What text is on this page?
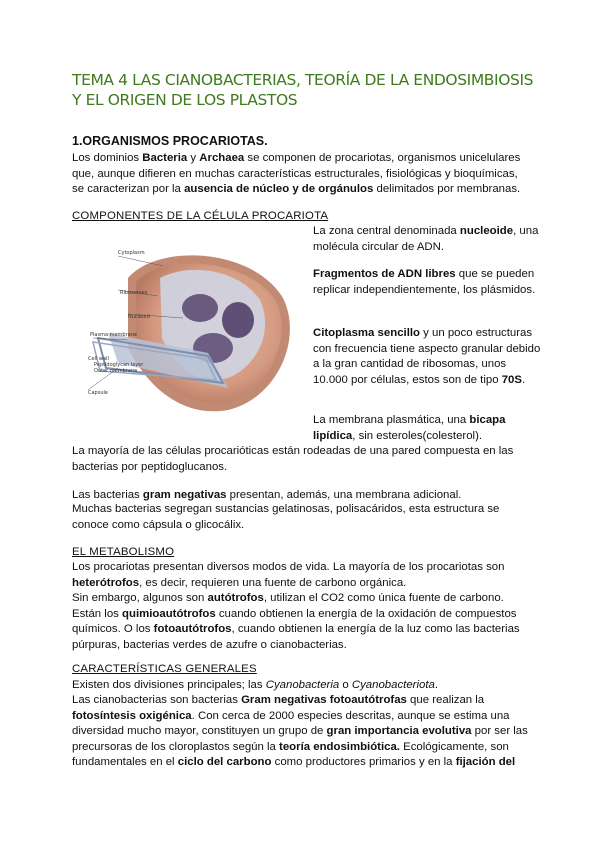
TEMA 4 LAS CIANOBACTERIAS, TEORÍA DE LA ENDOSIMBIOSIS Y EL ORIGEN DE LOS PLASTOS
1.ORGANISMOS PROCARIOTAS.
Los dominios Bacteria y Archaea se componen de procariotas, organismos unicelulares que, aunque difieren en muchas características estructurales, fisiológicas y bioquímicas, se caracterizan por la ausencia de núcleo y de orgánulos delimitados por membranas.
COMPONENTES DE LA CÉLULA PROCARIOTA
Cytoplasm
Ribosomes
Nucleoid
Plasma membrane
Cell wall
Peptidoglycan layer
Outer membrane
Capsule
La zona central denominada nucleoide, una molécula circular de ADN.
Fragmentos de ADN libres que se pueden replicar independientemente, los plásmidos.
Citoplasma sencillo y un poco estructuras con frecuencia tiene aspecto granular debido a la gran cantidad de ribosomas, unos 10.000 por células, estos son de tipo 70S.
La membrana plasmática, una bicapa lipídica, sin esteroles(colesterol).
La mayoría de las células procarióticas están rodeadas de una pared compuesta en las bacterias por peptidoglucanos.
Las bacterias gram negativas presentan, además, una membrana adicional.
Muchas bacterias segregan sustancias gelatinosas, polisacáridos, esta estructura se conoce como cápsula o glicocálix.
EL METABOLISMO
Los procariotas presentan diversos modos de vida. La mayoría de los procariotas son heterótrofos, es decir, requieren una fuente de carbono orgánica.
Sin embargo, algunos son autótrofos, utilizan el CO2 como única fuente de carbono. Están los quimioautótrofos cuando obtienen la energía de la oxidación de compuestos químicos. O los fotoautótrofos, cuando obtienen la energía de la luz como las bacterias púrpuras, bacterias verdes de azufre o cianobacterias.
CARACTERÍSTICAS GENERALES
Existen dos divisiones principales; las Cyanobacteria o Cyanobacteriota.
Las cianobacterias son bacterias Gram negativas fotoautótrofas que realizan la fotosíntesis oxigénica. Con cerca de 2000 especies descritas, aunque se estima una diversidad mucho mayor, constituyen un grupo de gran importancia evolutiva por ser las precursoras de los cloroplastos según la teoría endosimbiótica. Ecológicamente, son fundamentales en el ciclo del carbono como productores primarios y en la fijación del
